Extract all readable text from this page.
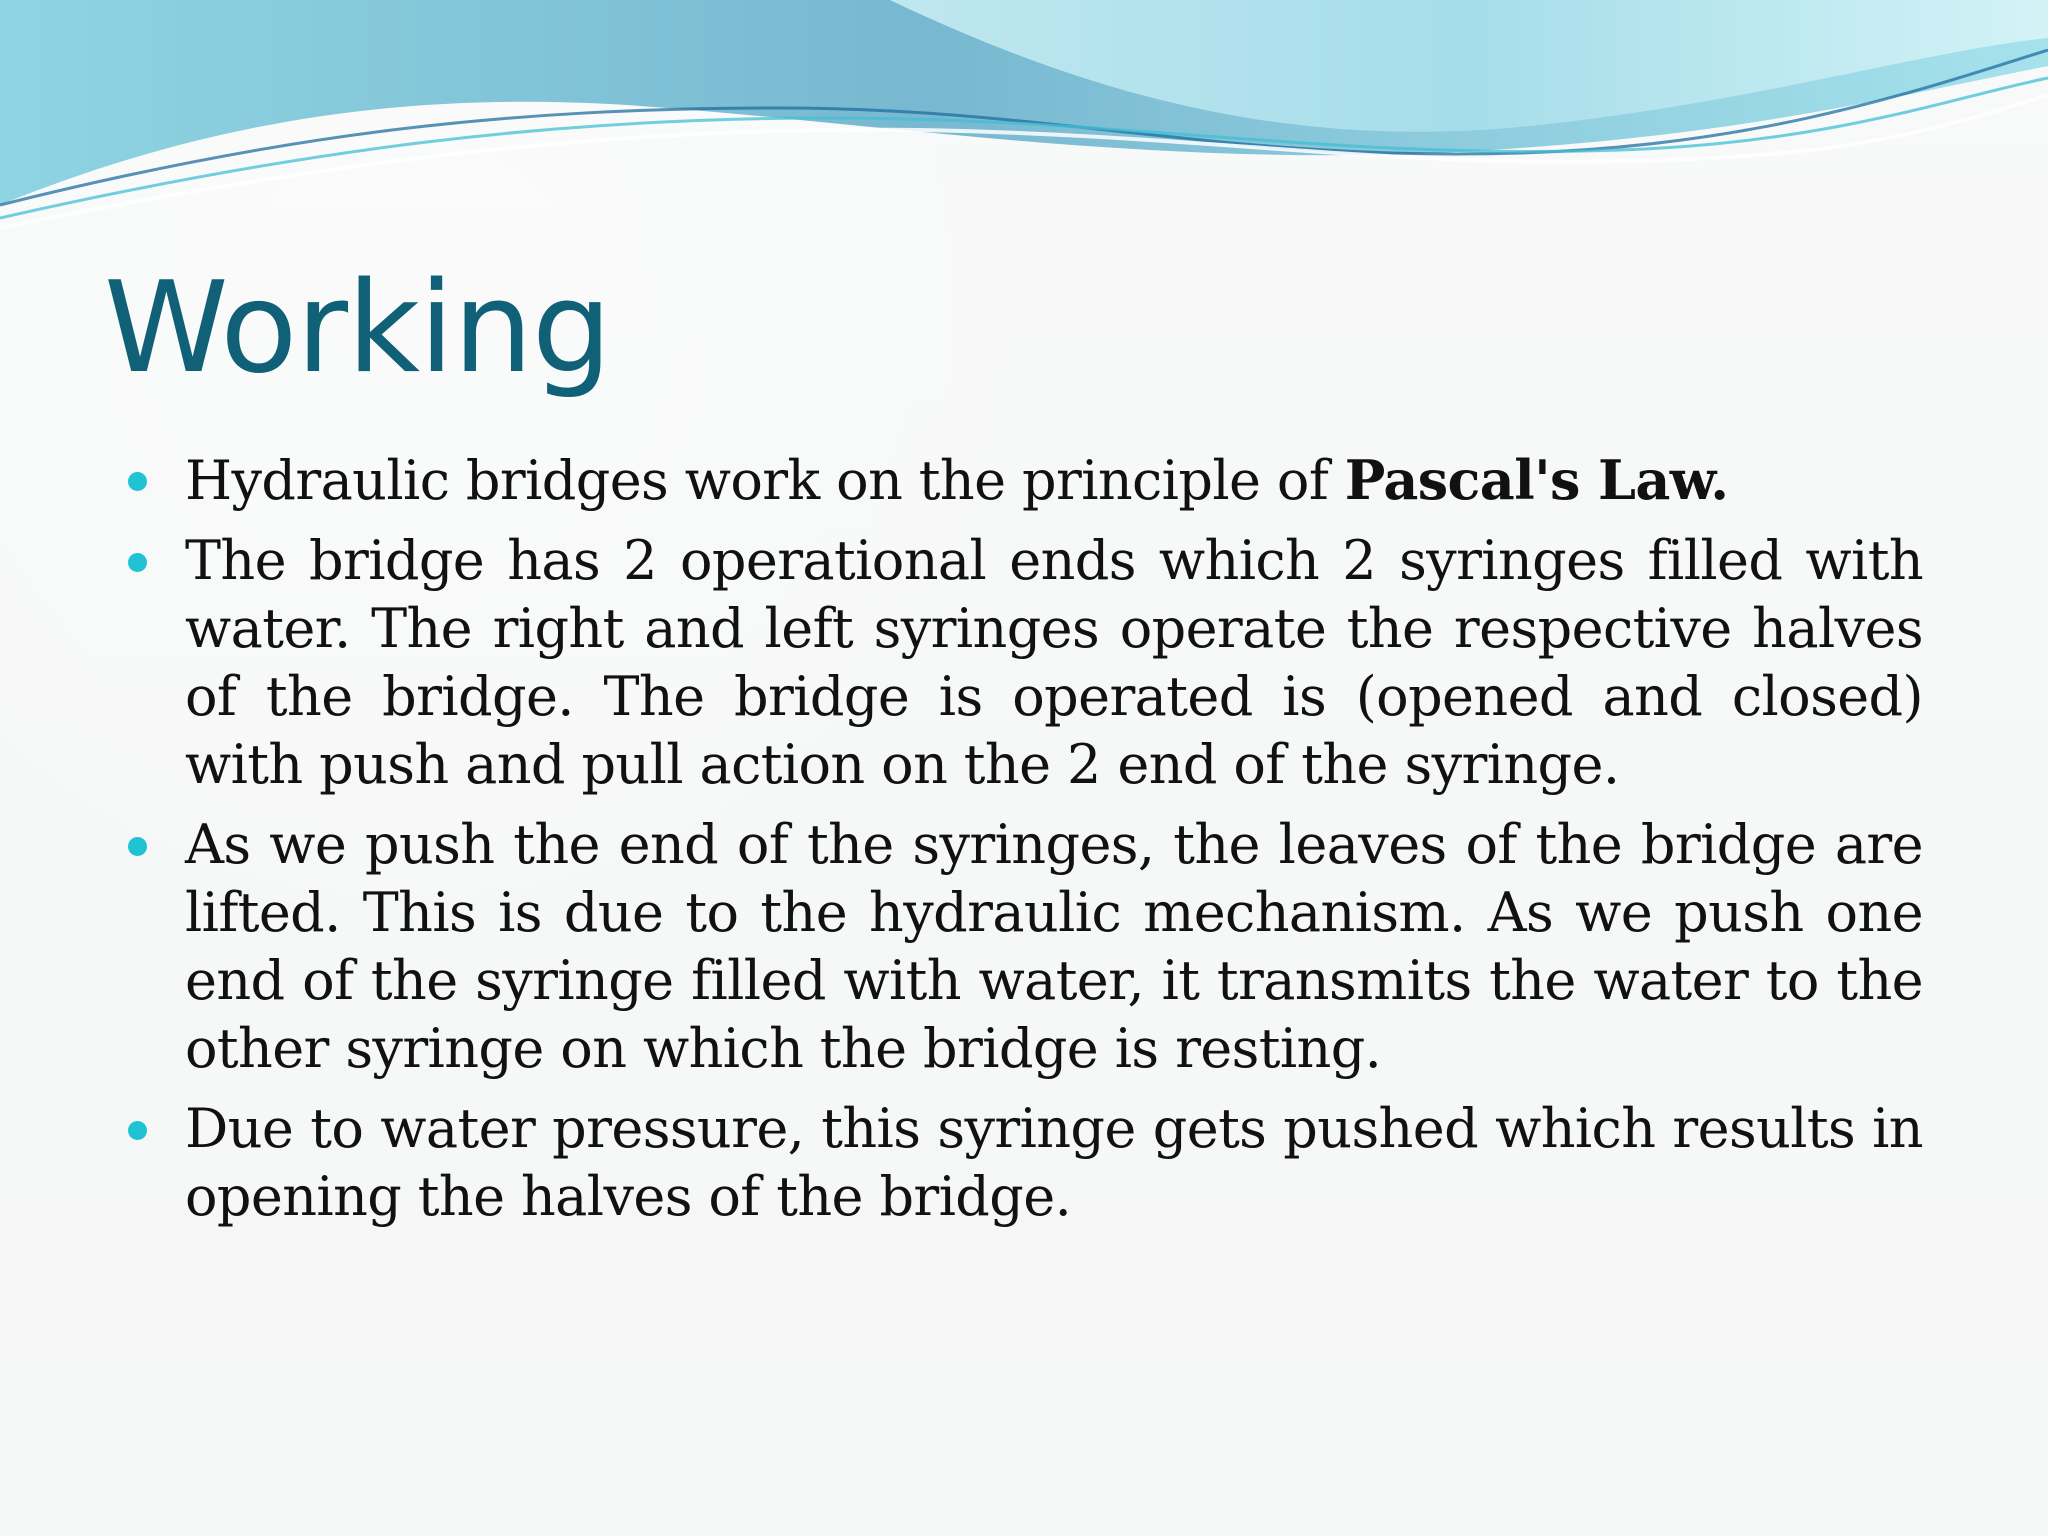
Working
Hydraulic bridges work on the principle of Pascal's Law.
The bridge has 2 operational ends which 2 syringes filled with water. The right and left syringes operate the respective halves of the bridge. The bridge is operated is (opened and closed) with push and pull action on the 2 end of the syringe.
As we push the end of the syringes, the leaves of the bridge are lifted. This is due to the hydraulic mechanism. As we push one end of the syringe filled with water, it transmits the water to the other syringe on which the bridge is resting.
Due to water pressure, this syringe gets pushed which results in opening the halves of the bridge.
